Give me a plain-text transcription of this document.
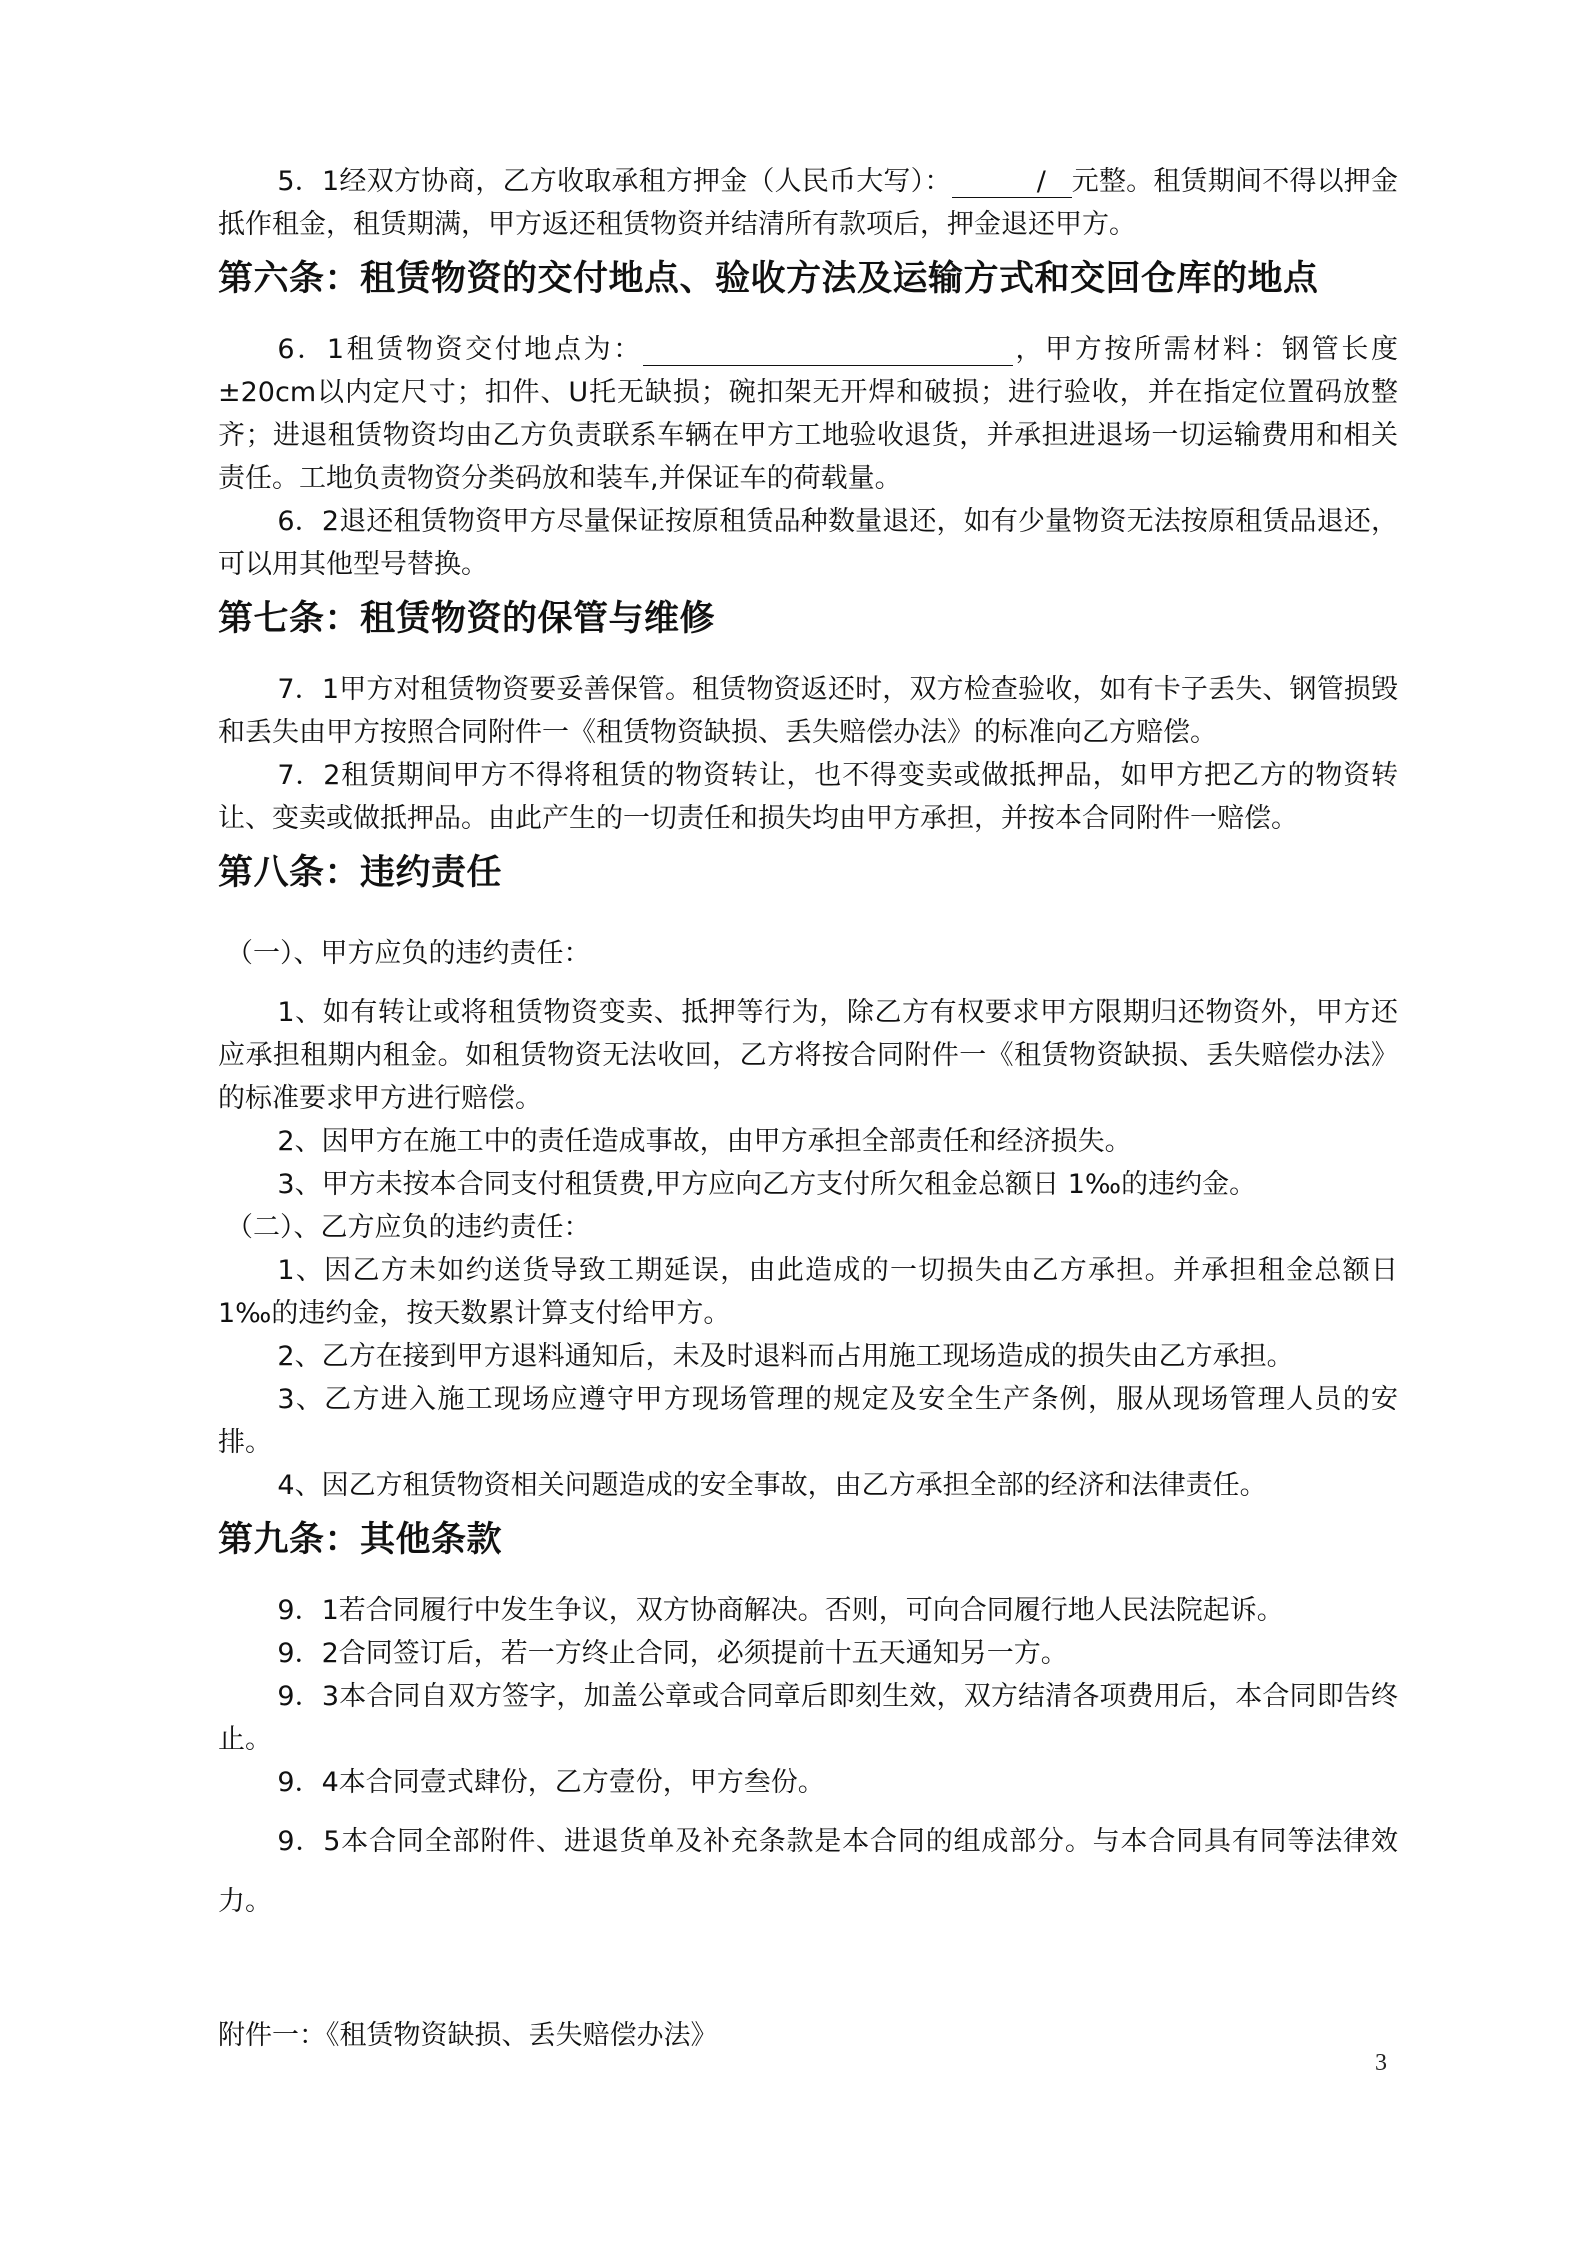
5．1经双方协商，乙方收取承租方押金（人民币大写）：	/ 元整。租赁期间不得以押金抵作租金，租赁期满，甲方返还租赁物资并结清所有款项后，押金退还甲方。

第六条：租赁物资的交付地点、验收方法及运输方式和交回仓库的地点

6．1租赁物资交付地点为：	，甲方按所需材料：钢管长度±20cm以内定尺寸；扣件、U托无缺损；碗扣架无开焊和破损；进行验收，并在指定位置码放整齐；进退租赁物资均由乙方负责联系车辆在甲方工地验收退货，并承担进退场一切运输费用和相关责任。工地负责物资分类码放和装车,并保证车的荷载量。

6．2退还租赁物资甲方尽量保证按原租赁品种数量退还，如有少量物资无法按原租赁品退还，可以用其他型号替换。

第七条：租赁物资的保管与维修

7．1甲方对租赁物资要妥善保管。租赁物资返还时，双方检查验收，如有卡子丢失、钢管损毁和丢失由甲方按照合同附件一《租赁物资缺损、丢失赔偿办法》的标准向乙方赔偿。

7．2租赁期间甲方不得将租赁的物资转让，也不得变卖或做抵押品，如甲方把乙方的物资转让、变卖或做抵押品。由此产生的一切责任和损失均由甲方承担，并按本合同附件一赔偿。

第八条：违约责任

（一）、甲方应负的违约责任：

1、如有转让或将租赁物资变卖、抵押等行为，除乙方有权要求甲方限期归还物资外，甲方还应承担租期内租金。如租赁物资无法收回，乙方将按合同附件一《租赁物资缺损、丢失赔偿办法》的标准要求甲方进行赔偿。

2、因甲方在施工中的责任造成事故，由甲方承担全部责任和经济损失。

3、甲方未按本合同支付租赁费,甲方应向乙方支付所欠租金总额日 1‰的违约金。

（二）、乙方应负的违约责任：

1、因乙方未如约送货导致工期延误，由此造成的一切损失由乙方承担。并承担租金总额日1‰的违约金，按天数累计算支付给甲方。

2、乙方在接到甲方退料通知后，未及时退料而占用施工现场造成的损失由乙方承担。

3、乙方进入施工现场应遵守甲方现场管理的规定及安全生产条例，服从现场管理人员的安排。

4、因乙方租赁物资相关问题造成的安全事故，由乙方承担全部的经济和法律责任。

第九条：其他条款

9．1若合同履行中发生争议，双方协商解决。否则，可向合同履行地人民法院起诉。

9．2合同签订后，若一方终止合同，必须提前十五天通知另一方。

9．3本合同自双方签字，加盖公章或合同章后即刻生效，双方结清各项费用后，本合同即告终止。

9．4本合同壹式肆份，乙方壹份，甲方叁份。

9．5本合同全部附件、进退货单及补充条款是本合同的组成部分。与本合同具有同等法律效力。

附件一：《租赁物资缺损、丢失赔偿办法》

3
